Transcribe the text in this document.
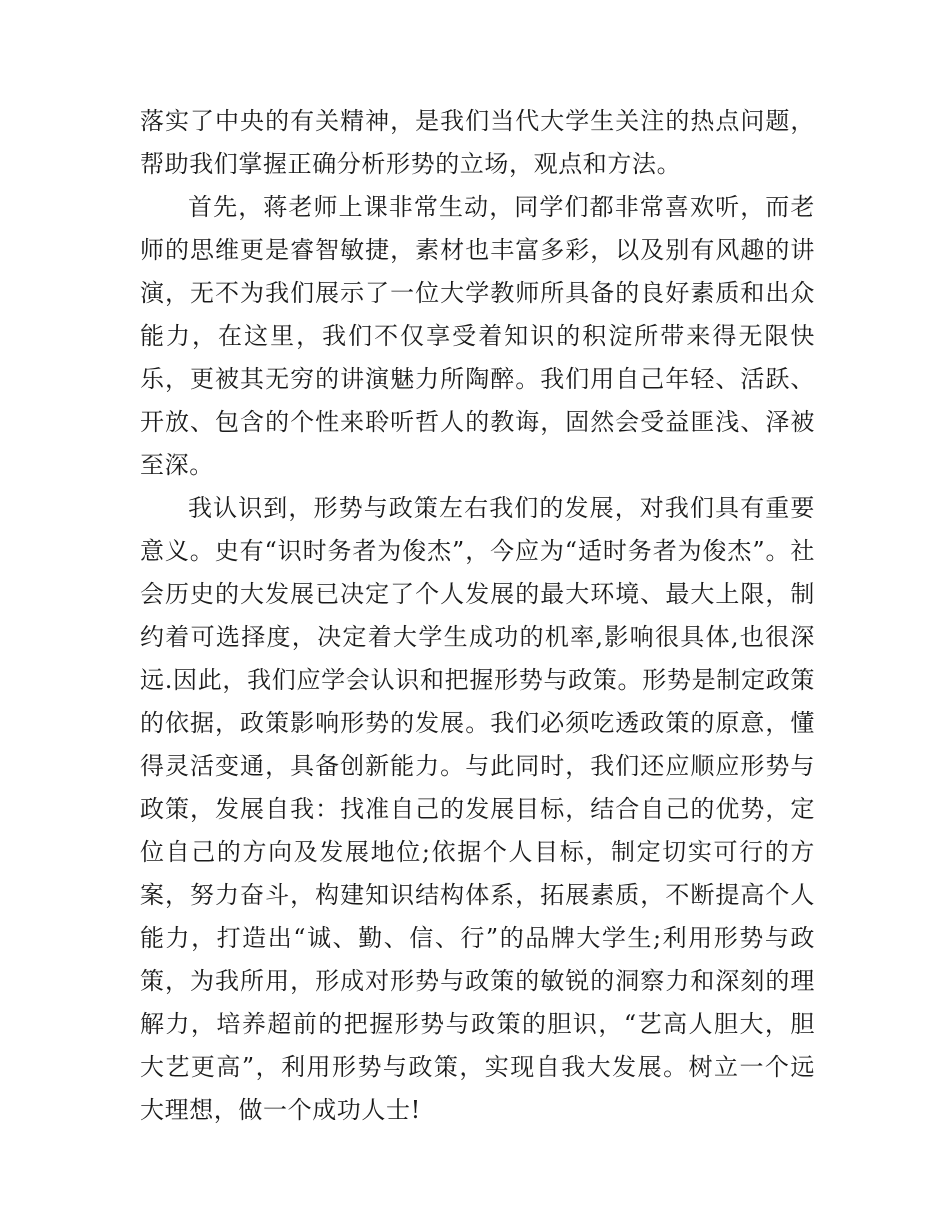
落实了中央的有关精神，是我们当代大学生关注的热点问题，帮助我们掌握正确分析形势的立场，观点和方法。

首先，蒋老师上课非常生动，同学们都非常喜欢听，而老师的思维更是睿智敏捷，素材也丰富多彩，以及别有风趣的讲演，无不为我们展示了一位大学教师所具备的良好素质和出众能力，在这里，我们不仅享受着知识的积淀所带来得无限快乐，更被其无穷的讲演魅力所陶醉。我们用自己年轻、活跃、开放、包含的个性来聆听哲人的教诲，固然会受益匪浅、泽被至深。

我认识到，形势与政策左右我们的发展，对我们具有重要意义。史有“识时务者为俊杰”，今应为“适时务者为俊杰”。社会历史的大发展已决定了个人发展的最大环境、最大上限，制约着可选择度，决定着大学生成功的机率,影响很具体,也很深远.因此，我们应学会认识和把握形势与政策。形势是制定政策的依据，政策影响形势的发展。我们必须吃透政策的原意，懂得灵活变通，具备创新能力。与此同时，我们还应顺应形势与政策，发展自我：找准自己的发展目标，结合自己的优势，定位自己的方向及发展地位;依据个人目标，制定切实可行的方案，努力奋斗，构建知识结构体系，拓展素质，不断提高个人能力，打造出“诚、勤、信、行”的品牌大学生;利用形势与政策，为我所用，形成对形势与政策的敏锐的洞察力和深刻的理解力，培养超前的把握形势与政策的胆识，“艺高人胆大，胆大艺更高”，利用形势与政策，实现自我大发展。树立一个远大理想，做一个成功人士!
